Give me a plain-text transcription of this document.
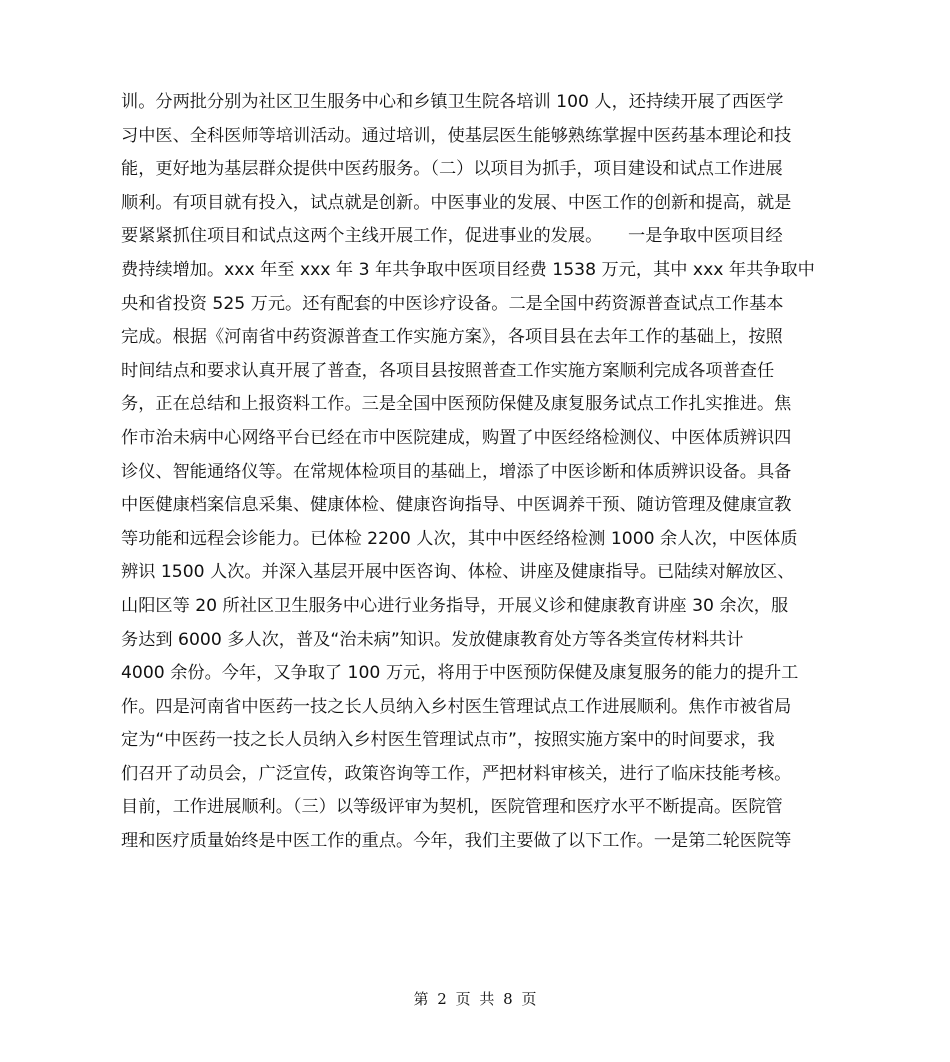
训。分两批分别为社区卫生服务中心和乡镇卫生院各培训 100 人，还持续开展了西医学
习中医、全科医师等培训活动。通过培训，使基层医生能够熟练掌握中医药基本理论和技
能，更好地为基层群众提供中医药服务。（二）以项目为抓手，项目建设和试点工作进展
顺利。有项目就有投入，试点就是创新。中医事业的发展、中医工作的创新和提高，就是
要紧紧抓住项目和试点这两个主线开展工作，促进事业的发展。　　一是争取中医项目经
费持续增加。xxx 年至 xxx 年 3 年共争取中医项目经费 1538 万元，其中 xxx 年共争取中
央和省投资 525 万元。还有配套的中医诊疗设备。二是全国中药资源普查试点工作基本
完成。根据《河南省中药资源普查工作实施方案》，各项目县在去年工作的基础上，按照
时间结点和要求认真开展了普查，各项目县按照普查工作实施方案顺利完成各项普查任
务，正在总结和上报资料工作。三是全国中医预防保健及康复服务试点工作扎实推进。焦
作市治未病中心网络平台已经在市中医院建成，购置了中医经络检测仪、中医体质辨识四
诊仪、智能通络仪等。在常规体检项目的基础上，增添了中医诊断和体质辨识设备。具备
中医健康档案信息采集、健康体检、健康咨询指导、中医调养干预、随访管理及健康宣教
等功能和远程会诊能力。已体检 2200 人次，其中中医经络检测 1000 余人次，中医体质
辨识 1500 人次。并深入基层开展中医咨询、体检、讲座及健康指导。已陆续对解放区、
山阳区等 20 所社区卫生服务中心进行业务指导，开展义诊和健康教育讲座 30 余次，服
务达到 6000 多人次，普及“治未病”知识。发放健康教育处方等各类宣传材料共计
4000 余份。今年，又争取了 100 万元，将用于中医预防保健及康复服务的能力的提升工
作。四是河南省中医药一技之长人员纳入乡村医生管理试点工作进展顺利。焦作市被省局
定为“中医药一技之长人员纳入乡村医生管理试点市”，按照实施方案中的时间要求，我
们召开了动员会，广泛宣传，政策咨询等工作，严把材料审核关，进行了临床技能考核。
目前，工作进展顺利。（三）以等级评审为契机，医院管理和医疗水平不断提高。医院管
理和医疗质量始终是中医工作的重点。今年，我们主要做了以下工作。一是第二轮医院等
第 2 页 共 8 页
